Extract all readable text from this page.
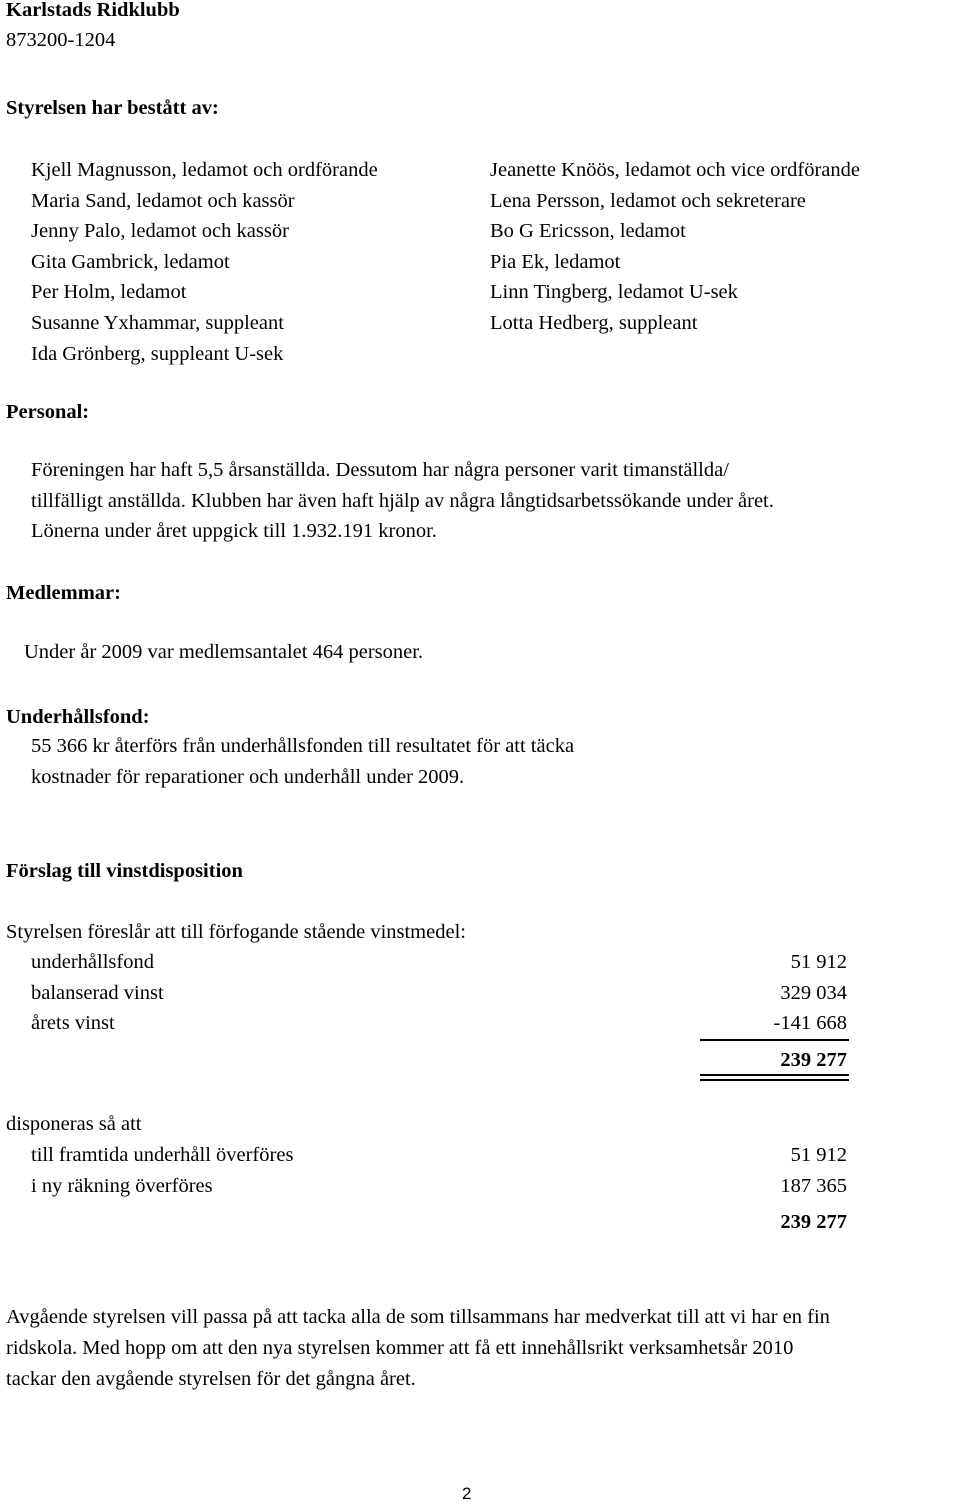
Karlstads Ridklubb
873200-1204
Styrelsen har bestått av:
Kjell Magnusson, ledamot och ordförande
Maria Sand, ledamot och kassör
Jenny Palo, ledamot och kassör
Gita Gambrick, ledamot
Per Holm, ledamot
Susanne Yxhammar, suppleant
Ida Grönberg, suppleant U-sek
Jeanette Knöös, ledamot och vice ordförande
Lena Persson, ledamot och sekreterare
Bo G Ericsson, ledamot
Pia Ek, ledamot
Linn Tingberg, ledamot U-sek
Lotta Hedberg, suppleant
Personal:
Föreningen har haft 5,5 årsanställda. Dessutom har några personer varit timanställda/
tillfälligt anställda. Klubben har även haft hjälp av några långtidsarbetssökande under året.
Lönerna under året uppgick till 1.932.191 kronor.
Medlemmar:
Under år 2009 var medlemsantalet 464 personer.
Underhållsfond:
55 366 kr återförs från underhållsfonden till resultatet för att täcka
kostnader för reparationer och underhåll under 2009.
Förslag till vinstdisposition
Styrelsen föreslår att till förfogande stående vinstmedel:
underhållsfond	51 912
balanserad vinst	329 034
årets vinst	-141 668
239 277
disponeras så att
till framtida underhåll överföres	51 912
i ny räkning överföres	187 365
239 277
Avgående styrelsen vill passa på att tacka alla de som tillsammans har medverkat till att vi har en fin
ridskola. Med hopp om att den nya styrelsen kommer att få ett innehållsrikt verksamhetsår 2010
tackar den avgående styrelsen för det gångna året.
2
